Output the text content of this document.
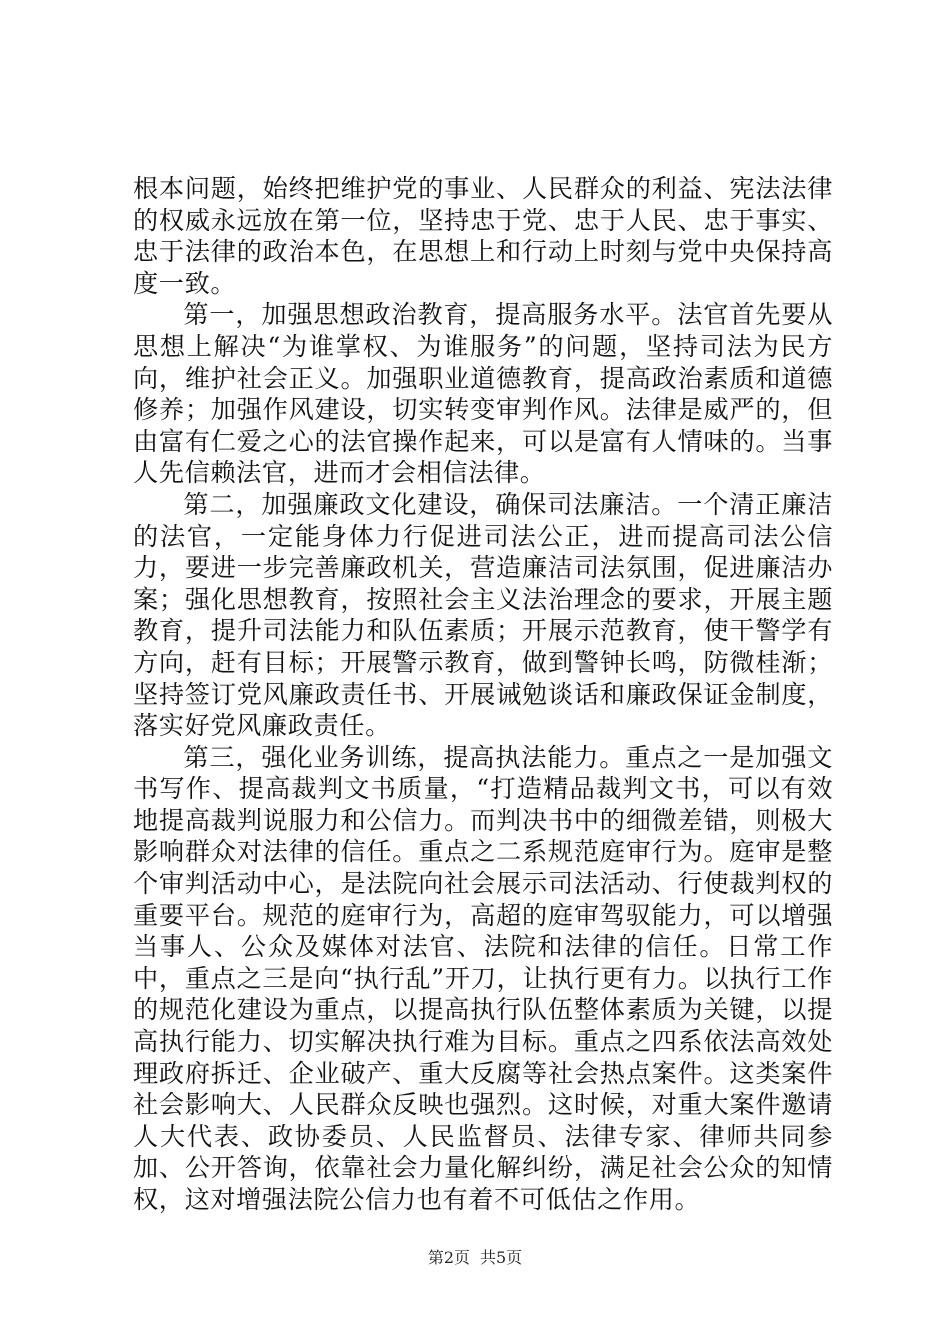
根本问题，始终把维护党的事业、人民群众的利益、宪法法律的权威永远放在第一位，坚持忠于党、忠于人民、忠于事实、忠于法律的政治本色，在思想上和行动上时刻与党中央保持高度一致。

第一，加强思想政治教育，提高服务水平。法官首先要从思想上解决“为谁掌权、为谁服务”的问题，坚持司法为民方向，维护社会正义。加强职业道德教育，提高政治素质和道德修养；加强作风建设，切实转变审判作风。法律是威严的，但由富有仁爱之心的法官操作起来，可以是富有人情味的。当事人先信赖法官，进而才会相信法律。

第二，加强廉政文化建设，确保司法廉洁。一个清正廉洁的法官，一定能身体力行促进司法公正，进而提高司法公信力，要进一步完善廉政机关，营造廉洁司法氛围，促进廉洁办案；强化思想教育，按照社会主义法治理念的要求，开展主题教育，提升司法能力和队伍素质；开展示范教育，使干警学有方向，赶有目标；开展警示教育，做到警钟长鸣，防微桂渐；坚持签订党风廉政责任书、开展诫勉谈话和廉政保证金制度，落实好党风廉政责任。

第三，强化业务训练，提高执法能力。重点之一是加强文书写作、提高裁判文书质量，“打造精品裁判文书，可以有效地提高裁判说服力和公信力。而判决书中的细微差错，则极大影响群众对法律的信任。重点之二系规范庭审行为。庭审是整个审判活动中心，是法院向社会展示司法活动、行使裁判权的重要平台。规范的庭审行为，高超的庭审驾驭能力，可以增强当事人、公众及媒体对法官、法院和法律的信任。日常工作中，重点之三是向“执行乱”开刀，让执行更有力。以执行工作的规范化建设为重点，以提高执行队伍整体素质为关键，以提高执行能力、切实解决执行难为目标。重点之四系依法高效处理政府拆迁、企业破产、重大反腐等社会热点案件。这类案件社会影响大、人民群众反映也强烈。这时候，对重大案件邀请人大代表、政协委员、人民监督员、法律专家、律师共同参加、公开答询，依靠社会力量化解纠纷，满足社会公众的知情权，这对增强法院公信力也有着不可低估之作用。

第2页 共5页
